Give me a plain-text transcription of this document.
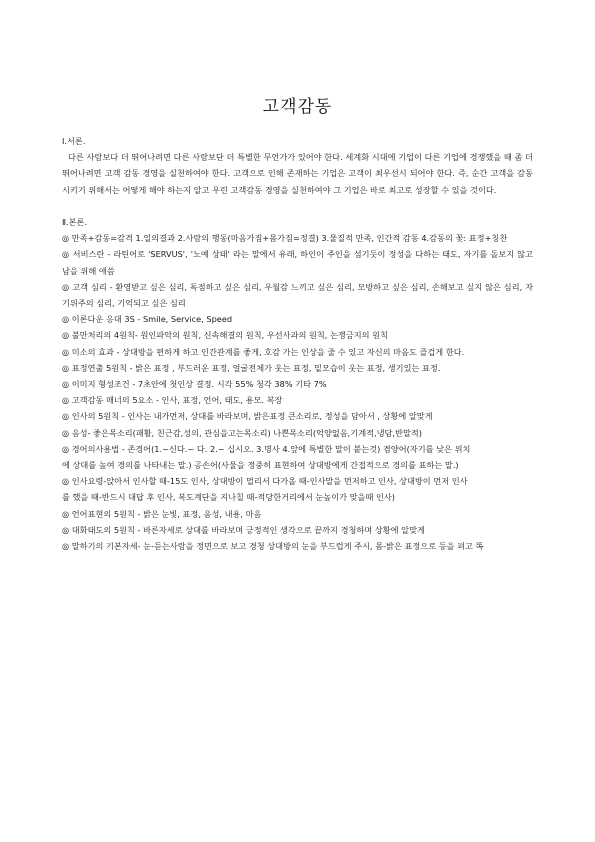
고객감동
Ⅰ.서론.

다른 사람보다 더 뛰어나려면 다른 사람보단 더 특별한 무언가가 있어야 한다. 세계화 시대에 기업이 다른 기업에 경쟁했을 때 좀 더 뛰어나려면 고객 감동 경영을 실천하여야 한다. 고객으로 인해 존재하는 기업은 고객이 최우선시 되어야 한다. 즉, 순간 고객을 감동시키기 위해서는 어떻게 해야 하는지 알고 우린 고객감동 경영을 실천하여야 그 기업은 바로 최고로 성장할 수 있을 것이다.

Ⅱ.본론.

◎ 만족+감동=감격 1.일의결과 2.사람의 행동(마음가짐+몸가짐=정결) 3.물질적 만족, 인간적 감동 4.감동의 꽃: 표정+칭찬

◎ 서비스란 - 라틴어로 'SERVUS', '노예 상태' 라는 말에서 유래, 하인이 주인을 섬기듯이 정성을 다하는 태도, 자기를 돌보지 않고 남을 위해 애씀

◎ 고객 심리 - 환영받고 싶은 심리, 독점하고 싶은 심리, 우월감 느끼고 싶은 심리, 모방하고 싶은 심리, 손해보고 싶지 않은 심리, 자기위주의 심리, 기억되고 싶은 심리

◎ 이론다운 응대 3S - Smile, Service, Speed

◎ 불만처리의 4원칙- 원인파악의 원칙, 신속해결의 원칙, 우선사과의 원칙, 논쟁금지의 원칙

◎ 미소의 효과 - 상대방을 편하게 하고 인간관계를 좋게, 호감 가는 인상을 줄 수 있고 자신의 마음도 즐겁게 한다.

◎ 표정연출 5원칙 - 밝은 표정 , 부드러운 표정, 얼굴전체가 웃는 표정, 밑모습이 웃는 표정, 생기있는 표정.

◎ 이미지 형성조건 - 7초안에 첫인상 결정. 시각 55% 청각 38% 기타 7%

◎ 고객감동 매너의 5요소 - 인사, 표정, 언어, 태도, 용모. 복장

◎ 인사의 5원칙 - 인사는 내가먼저, 상대를 바라보며, 밝은표정 큰소리로, 정성을 담아서 , 상황에 알맞게

◎ 음성- 좋은목소리(패활, 친근감,성의, 관심을고는목소리) 나쁜목소리(억양없음,기계적,냉담,반말적)

◎ 경어의사용법 - 존경어(1.~신다.~ 다. 2.~ 십시오. 3.명사 4.앞에 특별한 말이 붙는것) 겸양어(자기를 낮은 위치

에 상대를 높여 경의를 나타내는 말.) 공손어(사물을 정중히 표현하여 상대방에게 간접적으로 경의를 표하는 말.)

◎ 인사요령-앉아서 인사할 때-15도 인사, 상대방이 멀리서 다가올 때-인사말을 먼저하고 인사, 상대방이 먼저 인사

를 했을 때-반드시 대답 후 인사, 복도계단을 지나칠 때-적당한거리에서 눈높이가 맞을때 인사)

◎ 언어표현의 5원칙 - 밝은 눈빛, 표정, 음성, 내용, 마음

◎ 대화태도의 5원칙 - 바른자세로 상대를 바라보며 긍정적인 생각으로 끝까지 경청하며 상황에 알맞게

◎ 말하기의 기본자세- 눈-듣는사람을 정면으로 보고 경청 상대방의 눈을 부드럽게 주시, 몸-밝은 표정으로 등을 펴고 똑
